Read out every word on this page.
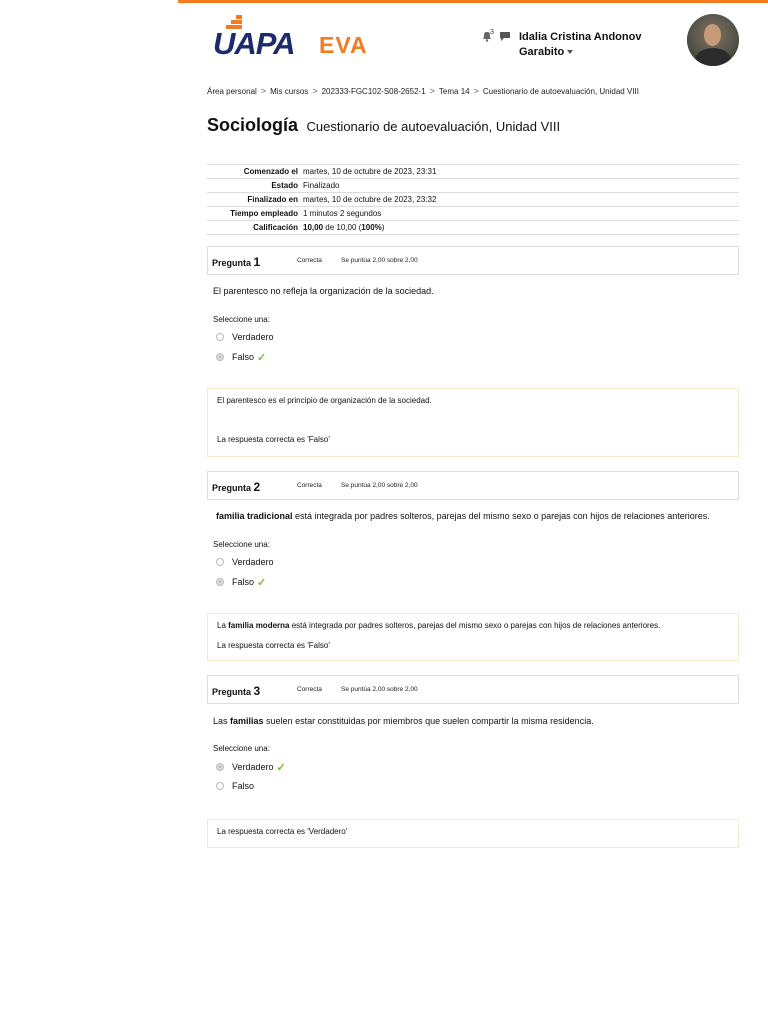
UAPA EVA	3 Idalia Cristina Andonov
Garabito
Área personal > Mis cursos > 202333-FGC102-S08-2652-1 > Tema 14 > Cuestionario de autoevaluación, Unidad VIII
Sociología Cuestionario de autoevaluación, Unidad VIII
Comenzado el	martes, 10 de octubre de 2023, 23:31
Estado	Finalizado
Finalizado en	martes, 10 de octubre de 2023, 23:32
Tiempo empleado	1 minutos 2 segundos
Calificación	10,00 de 10,00 (100%)
Pregunta 1	Correcta	Se puntúa 2,00 sobre 2,00
El parentesco no refleja la organización de la sociedad.
Seleccione una:
Verdadero
Falso ✓
El parentesco es el principio de organización de la sociedad.
La respuesta correcta es 'Falso'
Pregunta 2	Correcta	Se puntúa 2,00 sobre 2,00
familia tradicional está integrada por padres solteros, parejas del mismo sexo o parejas con hijos de relaciones anteriores.
Seleccione una:
Verdadero
Falso ✓
La familia moderna está integrada por padres solteros, parejas del mismo sexo o parejas con hijos de relaciones anteriores.
La respuesta correcta es 'Falso'
Pregunta 3	Correcta	Se puntúa 2,00 sobre 2,00
Las familias suelen estar constituidas por miembros que suelen compartir la misma residencia.
Seleccione una:
Verdadero ✓
Falso
La respuesta correcta es 'Verdadero'
